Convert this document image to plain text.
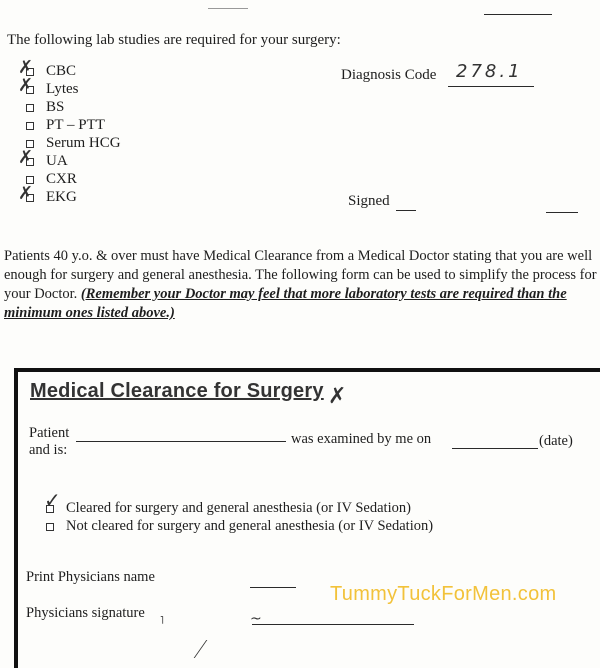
The following lab studies are required for your surgery:
✗ CBC
✗ Lytes
BS
PT – PTT
Serum HCG
✗ UA
CXR
✗ EKG
Diagnosis Code 278.1
Signed
Patients 40 y.o. & over must have Medical Clearance from a Medical Doctor stating that you are well enough for surgery and general anesthesia. The following form can be used to simplify the process for your Doctor. (Remember your Doctor may feel that more laboratory tests are required than the minimum ones listed above.)
Medical Clearance for Surgery ✗
Patient	was examined by me on	(date)
and is:
✓ Cleared for surgery and general anesthesia (or IV Sedation)
Not cleared for surgery and general anesthesia (or IV Sedation)
Print Physicians name
Physicians signature
˥	~
TummyTuckForMen.com
